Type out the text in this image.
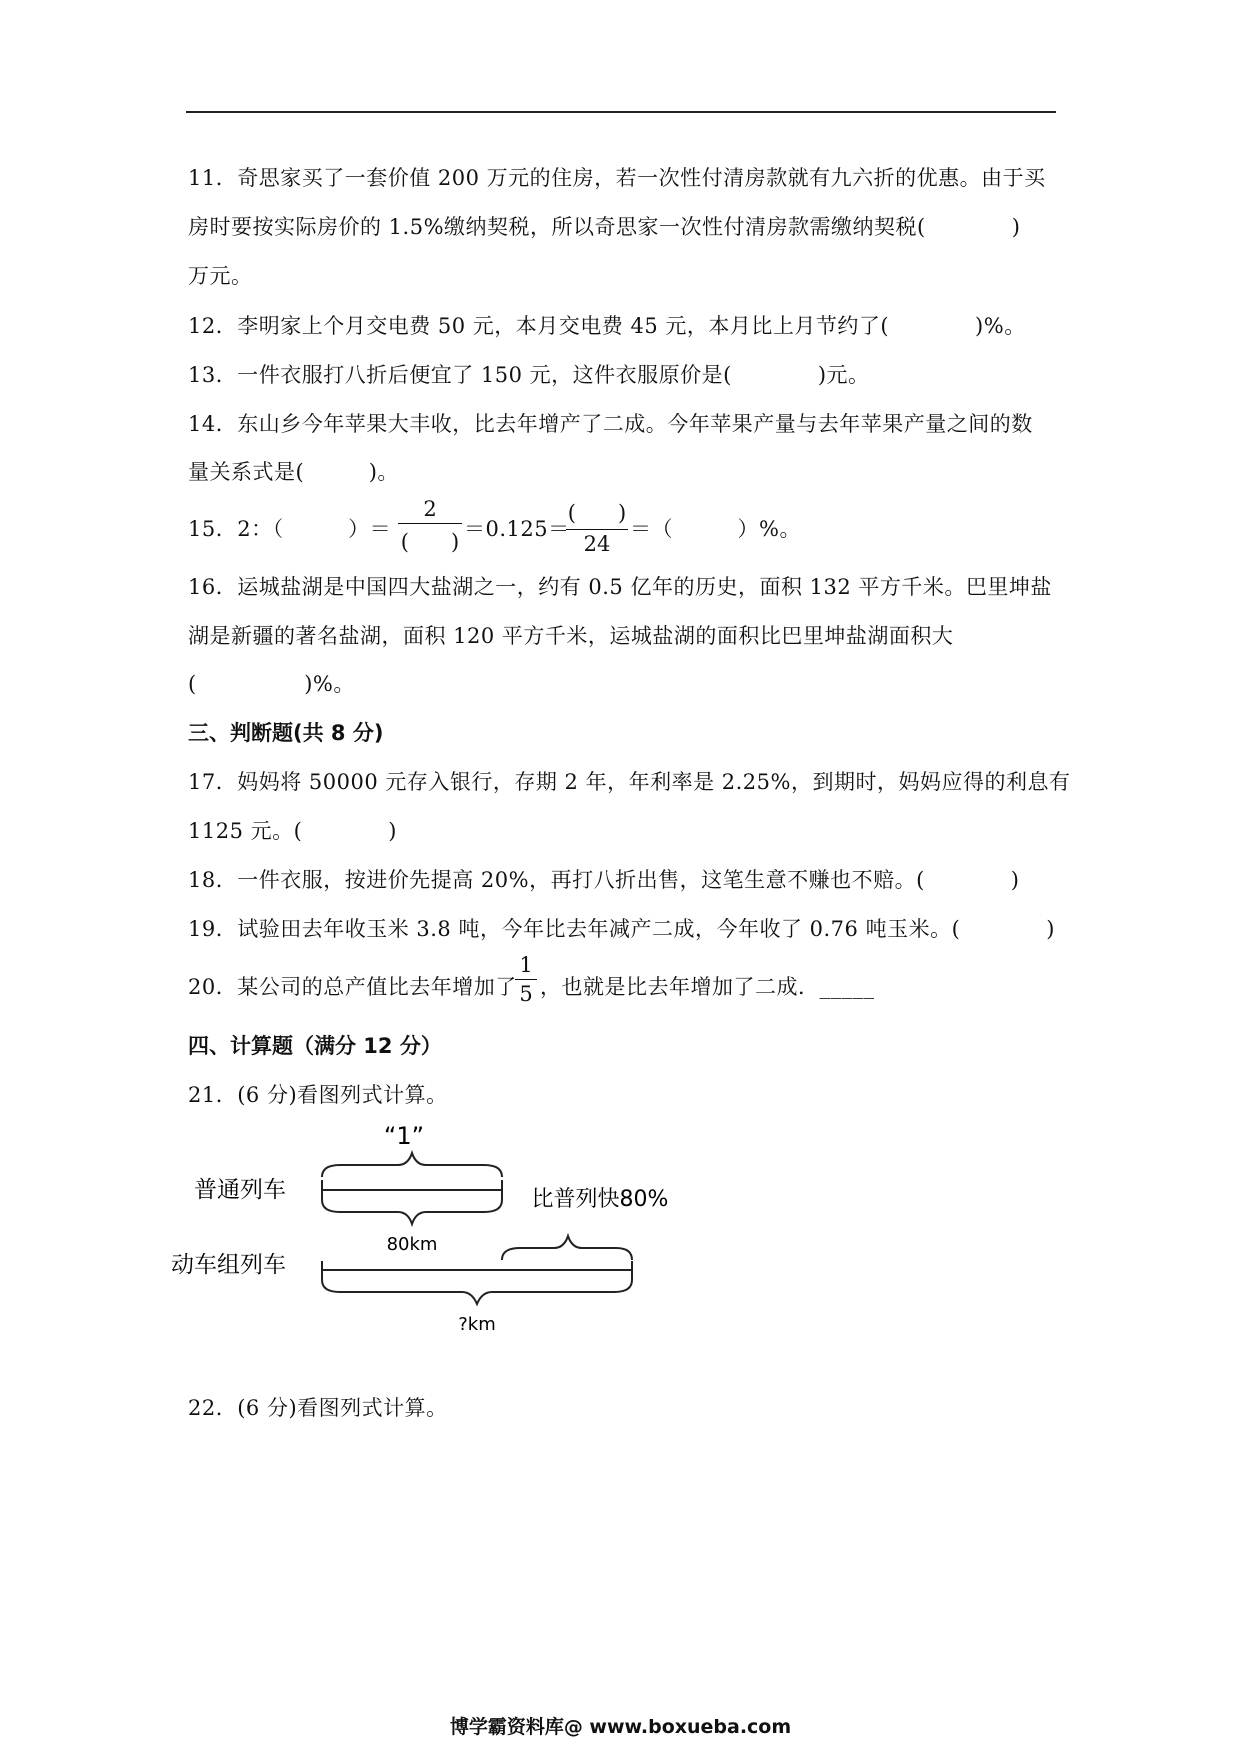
11．奇思家买了一套价值 200 万元的住房，若一次性付清房款就有九六折的优惠。由于买
房时要按实际房价的 1.5%缴纳契税，所以奇思家一次性付清房款需缴纳契税(　　　　)
万元。
12．李明家上个月交电费 50 元，本月交电费 45 元，本月比上月节约了(　　　　)%。
13．一件衣服打八折后便宜了 150 元，这件衣服原价是(　　　　)元。
14．东山乡今年苹果大丰收，比去年增产了二成。今年苹果产量与去年苹果产量之间的数
量关系式是(　　　)。
15．2：（　　　）＝
2
(　　)
＝0.125＝
(　　)
24
＝（　　　）%。
16．运城盐湖是中国四大盐湖之一，约有 0.5 亿年的历史，面积 132 平方千米。巴里坤盐
湖是新疆的著名盐湖，面积 120 平方千米，运城盐湖的面积比巴里坤盐湖面积大
(　　　　　)%。
三、判断题(共 8 分)
17．妈妈将 50000 元存入银行，存期 2 年，年利率是 2.25%，到期时，妈妈应得的利息有
1125 元。(　　　　)
18．一件衣服，按进价先提高 20%，再打八折出售，这笔生意不赚也不赔。(　　　　)
19．试验田去年收玉米 3.8 吨，今年比去年减产二成，今年收了 0.76 吨玉米。(　　　　)
20．某公司的总产值比去年增加了
1
5 ，也就是比去年增加了二成．_____
四、计算题（满分 12 分）
21．(6 分)看图列式计算。
“1”
普通列车
80km
比普列快80%
动车组列车
?km
22．(6 分)看图列式计算。
博学霸资料库@ www.boxueba.com
